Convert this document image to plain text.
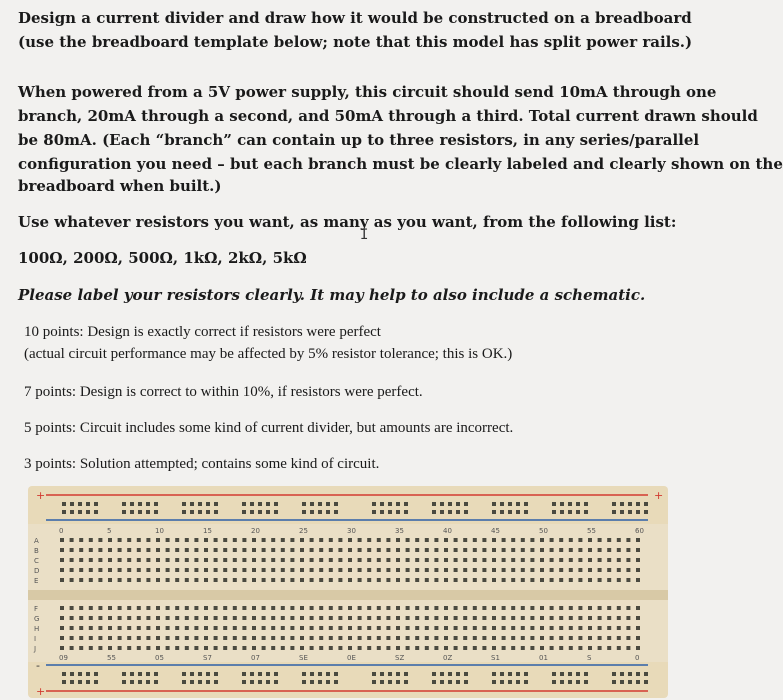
Design a current divider and draw how it would be constructed on a breadboard

(use the breadboard template below; note that this model has split power rails.)

When powered from a 5V power supply, this circuit should send 10mA through one

branch, 20mA through a second, and 50mA through a third. Total current drawn should

be 80mA. (Each “branch” can contain up to three resistors, in any series/parallel

configuration you need – but each branch must be clearly labeled and clearly shown on the

breadboard when built.)

Use whatever resistors you want, as many as you want, from the following list:

I

100Ω, 200Ω, 500Ω, 1kΩ, 2kΩ, 5kΩ

Please label your resistors clearly. It may help to also include a schematic.

10 points: Design is exactly correct if resistors were perfect

(actual circuit performance may be affected by 5% resistor tolerance; this is OK.)

7 points: Design is correct to within 10%, if resistors were perfect.

5 points: Circuit includes some kind of current divider, but amounts are incorrect.

3 points: Solution attempted; contains some kind of circuit.

+	+
0	5	10	15	20	25	30	35	40	45	50	55	60
A
B
C
D
E
F
G
H
I
J
09	55	05	S7	07	SE	0E	SZ	0Z	S1	01	S	0
-
+
